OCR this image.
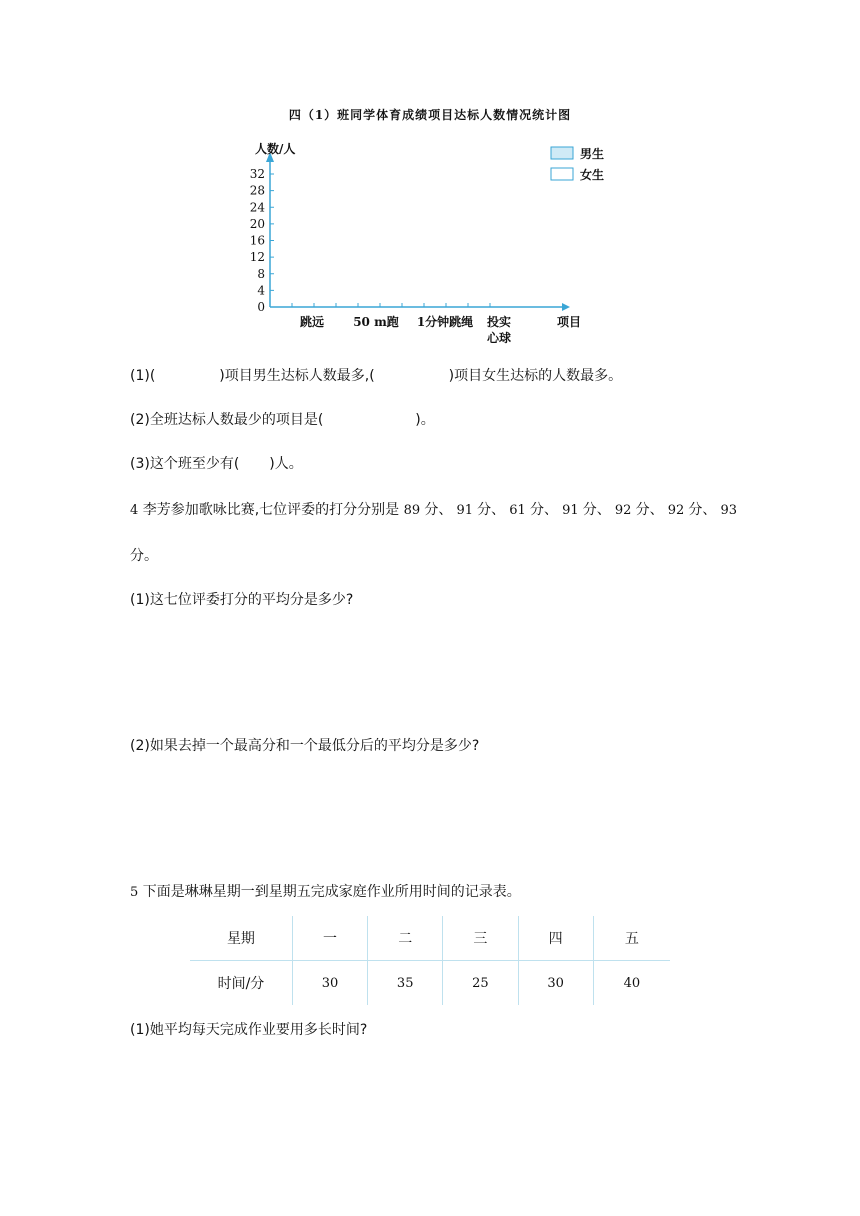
四（1）班同学体育成绩项目达标人数情况统计图
0
4
8
12
16
20
24
28
32
人数/人
项目
跳远 50 m跑 1分钟跳绳 投实
心球
男生
女生
(1)(	)项目男生达标人数最多,(	)项目女生达标的人数最多。
(2)全班达标人数最少的项目是(	)。
(3)这个班至少有( )人。
4 李芳参加歌咏比赛,七位评委的打分分别是 89 分、 91 分、 61 分、 91 分、 92 分、 92 分、 93
分。
(1)这七位评委打分的平均分是多少?
(2)如果去掉一个最高分和一个最低分后的平均分是多少?
5 下面是琳琳星期一到星期五完成家庭作业所用时间的记录表。
星期	一	二	三	四	五
时间/分	30	35	25	30	40
(1)她平均每天完成作业要用多长时间?
